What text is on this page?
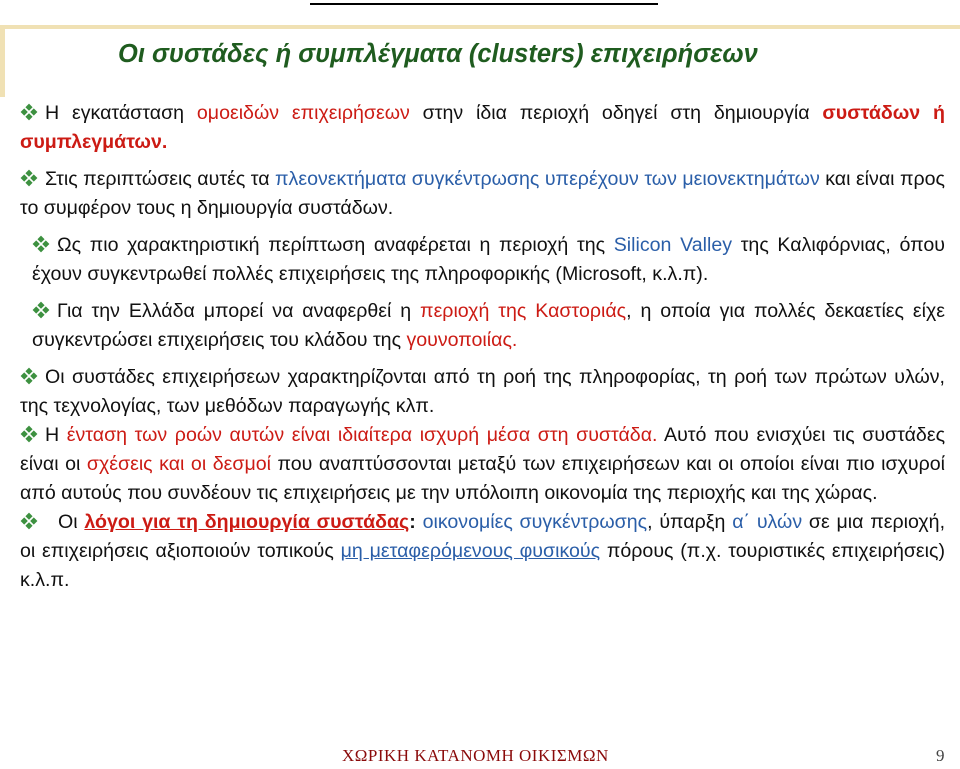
Οι συστάδες ή συμπλέγματα (clusters) επιχειρήσεων

Η εγκατάσταση ομοειδών επιχειρήσεων στην ίδια περιοχή οδηγεί στη δημιουργία συστάδων ή συμπλεγμάτων.

Στις περιπτώσεις αυτές τα πλεονεκτήματα συγκέντρωσης υπερέχουν των μειονεκτημάτων και είναι προς το συμφέρον τους η δημιουργία συστάδων.

Ως πιο χαρακτηριστική περίπτωση αναφέρεται η περιοχή της Silicon Valley της Καλιφόρνιας, όπου έχουν συγκεντρωθεί πολλές επιχειρήσεις της πληροφορικής (Microsoft, κ.λ.π).

Για την Ελλάδα μπορεί να αναφερθεί η περιοχή της Καστοριάς, η οποία για πολλές δεκαετίες είχε συγκεντρώσει επιχειρήσεις του κλάδου της γουνοποιίας.

Οι συστάδες επιχειρήσεων χαρακτηρίζονται από τη ροή της πληροφορίας, τη ροή των πρώτων υλών, της τεχνολογίας, των μεθόδων παραγωγής κλπ.

Η ένταση των ροών αυτών είναι ιδιαίτερα ισχυρή μέσα στη συστάδα. Αυτό που ενισχύει τις συστάδες είναι οι σχέσεις και οι δεσμοί που αναπτύσσονται μεταξύ των επιχειρήσεων και οι οποίοι είναι πιο ισχυροί από αυτούς που συνδέουν τις επιχειρήσεις με την υπόλοιπη οικονομία της περιοχής και της χώρας.

Οι λόγοι για τη δημιουργία συστάδας: οικονομίες συγκέντρωσης, ύπαρξη α΄ υλών σε μια περιοχή, οι επιχειρήσεις αξιοποιούν τοπικούς μη μεταφερόμενους φυσικούς πόρους (π.χ. τουριστικές επιχειρήσεις) κ.λ.π.

ΧΩΡΙΚΗ ΚΑΤΑΝΟΜΗ ΟΙΚΙΣΜΩΝ	9
